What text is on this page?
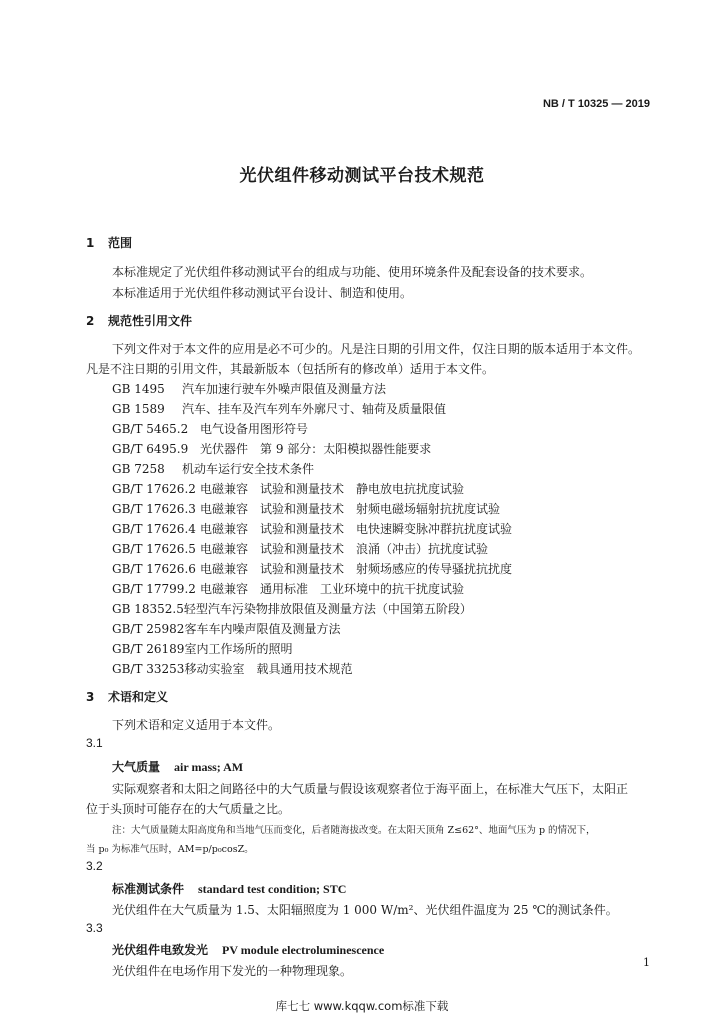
NB / T 10325 — 2019
光伏组件移动测试平台技术规范
1 范围
本标准规定了光伏组件移动测试平台的组成与功能、使用环境条件及配套设备的技术要求。
本标准适用于光伏组件移动测试平台设计、制造和使用。
2 规范性引用文件
下列文件对于本文件的应用是必不可少的。凡是注日期的引用文件，仅注日期的版本适用于本文件。
凡是不注日期的引用文件，其最新版本（包括所有的修改单）适用于本文件。
GB 1495 汽车加速行驶车外噪声限值及测量方法
GB 1589 汽车、挂车及汽车列车外廓尺寸、轴荷及质量限值
GB/T 5465.2 电气设备用图形符号
GB/T 6495.9 光伏器件　第 9 部分：太阳模拟器性能要求
GB 7258 机动车运行安全技术条件
GB/T 17626.2 电磁兼容　试验和测量技术　静电放电抗扰度试验
GB/T 17626.3 电磁兼容　试验和测量技术　射频电磁场辐射抗扰度试验
GB/T 17626.4 电磁兼容　试验和测量技术　电快速瞬变脉冲群抗扰度试验
GB/T 17626.5 电磁兼容　试验和测量技术　浪涌（冲击）抗扰度试验
GB/T 17626.6 电磁兼容　试验和测量技术　射频场感应的传导骚扰抗扰度
GB/T 17799.2 电磁兼容　通用标准　工业环境中的抗干扰度试验
GB 18352.5轻型汽车污染物排放限值及测量方法（中国第五阶段）
GB/T 25982客车车内噪声限值及测量方法
GB/T 26189室内工作场所的照明
GB/T 33253移动实验室　载具通用技术规范
3 术语和定义
下列术语和定义适用于本文件。
3.1
大气质量 air mass; AM
实际观察者和太阳之间路径中的大气质量与假设该观察者位于海平面上，在标准大气压下，太阳正
位于头顶时可能存在的大气质量之比。
注：大气质量随太阳高度角和当地气压而变化，后者随海拔改变。在太阳天顶角 Z≤62°、地面气压为 p 的情况下，
当 p₀ 为标准气压时，AM=p/p₀cosZ。
3.2
标准测试条件 standard test condition; STC
光伏组件在大气质量为 1.5、太阳辐照度为 1 000 W/m²、光伏组件温度为 25 ℃的测试条件。
3.3
光伏组件电致发光 PV module electroluminescence
光伏组件在电场作用下发光的一种物理现象。
1
库七七 www.kqqw.com标准下载
